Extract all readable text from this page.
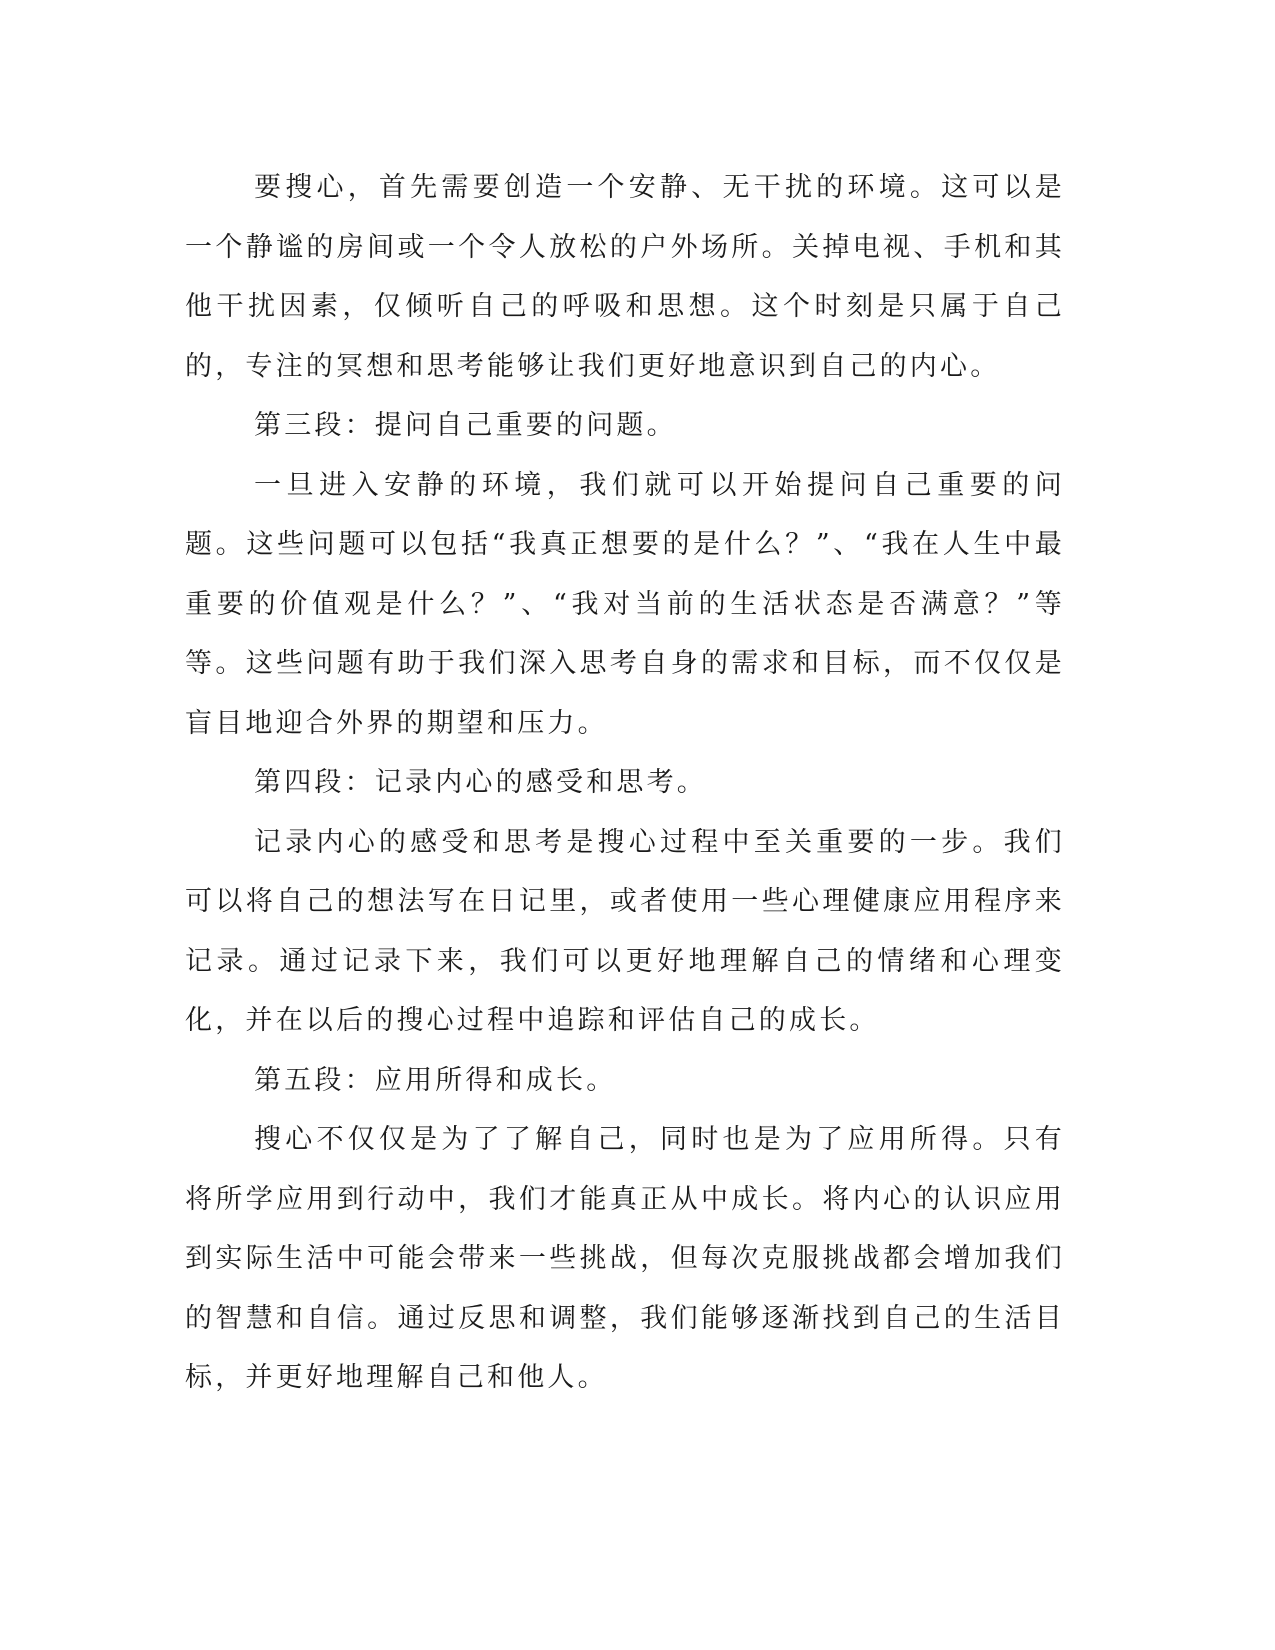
要搜心，首先需要创造一个安静、无干扰的环境。这可以是一个静谧的房间或一个令人放松的户外场所。关掉电视、手机和其他干扰因素，仅倾听自己的呼吸和思想。这个时刻是只属于自己的，专注的冥想和思考能够让我们更好地意识到自己的内心。

第三段：提问自己重要的问题。

一旦进入安静的环境，我们就可以开始提问自己重要的问题。这些问题可以包括“我真正想要的是什么？”、“我在人生中最重要的价值观是什么？”、“我对当前的生活状态是否满意？”等等。这些问题有助于我们深入思考自身的需求和目标，而不仅仅是盲目地迎合外界的期望和压力。

第四段：记录内心的感受和思考。

记录内心的感受和思考是搜心过程中至关重要的一步。我们可以将自己的想法写在日记里，或者使用一些心理健康应用程序来记录。通过记录下来，我们可以更好地理解自己的情绪和心理变化，并在以后的搜心过程中追踪和评估自己的成长。

第五段：应用所得和成长。

搜心不仅仅是为了了解自己，同时也是为了应用所得。只有将所学应用到行动中，我们才能真正从中成长。将内心的认识应用到实际生活中可能会带来一些挑战，但每次克服挑战都会增加我们的智慧和自信。通过反思和调整，我们能够逐渐找到自己的生活目标，并更好地理解自己和他人。
